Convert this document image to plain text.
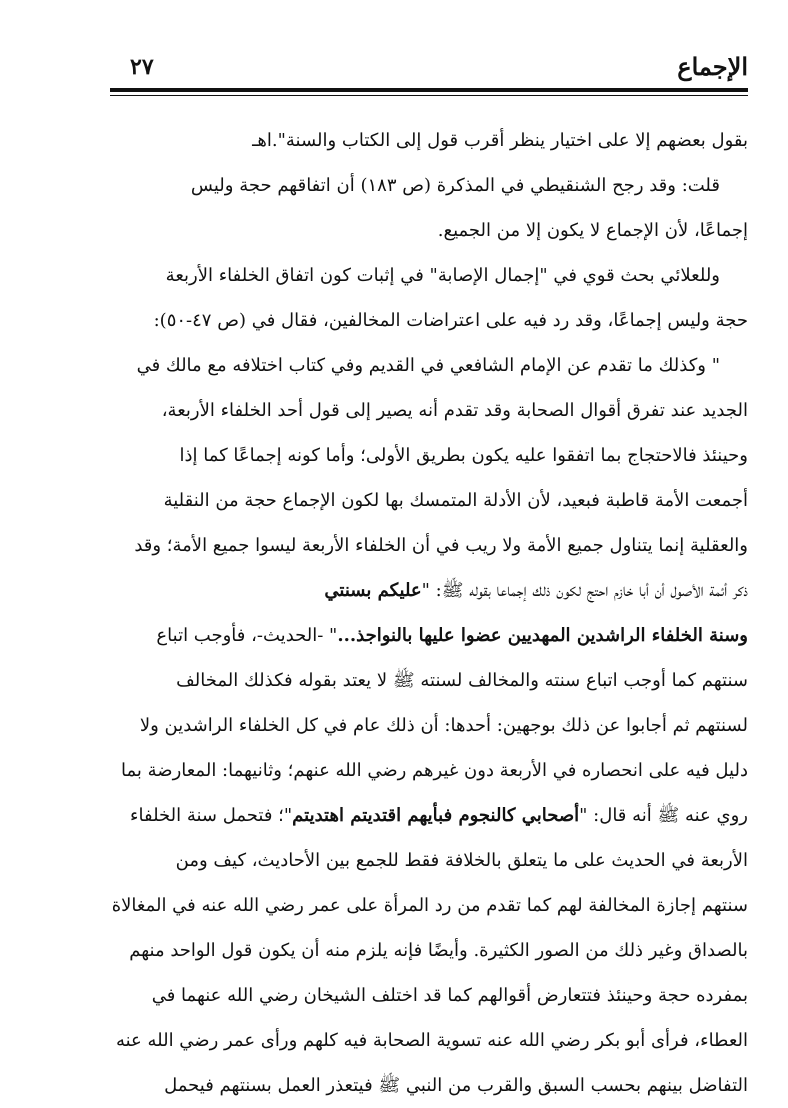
الإجماع
٢٧
بقول بعضهم إلا على اختيار ينظر أقرب قول إلى الكتاب والسنة".اهـ
قلت: وقد رجح الشنقيطي في المذكرة (ص ١٨٣) أن اتفاقهم حجة وليس
إجماعًا، لأن الإجماع لا يكون إلا من الجميع.
وللعلائي بحث قوي في "إجمال الإصابة" في إثبات كون اتفاق الخلفاء الأربعة
حجة وليس إجماعًا، وقد رد فيه على اعتراضات المخالفين، فقال في (ص ٤٧-٥٠):
" وكذلك ما تقدم عن الإمام الشافعي في القديم وفي كتاب اختلافه مع مالك في
الجديد عند تفرق أقوال الصحابة وقد تقدم أنه يصير إلى قول أحد الخلفاء الأربعة،
وحينئذ فالاحتجاج بما اتفقوا عليه يكون بطريق الأولى؛ وأما كونه إجماعًا كما إذا
أجمعت الأمة قاطبة فبعيد، لأن الأدلة المتمسك بها لكون الإجماع حجة من النقلية
والعقلية إنما يتناول جميع الأمة ولا ريب في أن الخلفاء الأربعة ليسوا جميع الأمة؛ وقد
ذكر أئمة الأصول أن أبا خازم احتج لكون ذلك إجماعا بقوله ﷺ: "عليكم بسنتي
وسنة الخلفاء الراشدين المهديين عضوا عليها بالنواجذ..." -الحديث-، فأوجب اتباع
سنتهم كما أوجب اتباع سنته والمخالف لسنته ﷺ لا يعتد بقوله فكذلك المخالف
لسنتهم ثم أجابوا عن ذلك بوجهين: أحدها: أن ذلك عام في كل الخلفاء الراشدين ولا
دليل فيه على انحصاره في الأربعة دون غيرهم رضي الله عنهم؛ وثانيهما: المعارضة بما
روي عنه ﷺ أنه قال: "أصحابي كالنجوم فبأيهم اقتديتم اهتديتم"؛ فتحمل سنة الخلفاء
الأربعة في الحديث على ما يتعلق بالخلافة فقط للجمع بين الأحاديث، كيف ومن
سنتهم إجازة المخالفة لهم كما تقدم من رد المرأة على عمر رضي الله عنه في المغالاة
بالصداق وغير ذلك من الصور الكثيرة. وأيضًا فإنه يلزم منه أن يكون قول الواحد منهم
بمفرده حجة وحينئذ فتتعارض أقوالهم كما قد اختلف الشيخان رضي الله عنهما في
العطاء، فرأى أبو بكر رضي الله عنه تسوية الصحابة فيه كلهم ورأى عمر رضي الله عنه
التفاضل بينهم بحسب السبق والقرب من النبي ﷺ فيتعذر العمل بسنتهم فيحمل
